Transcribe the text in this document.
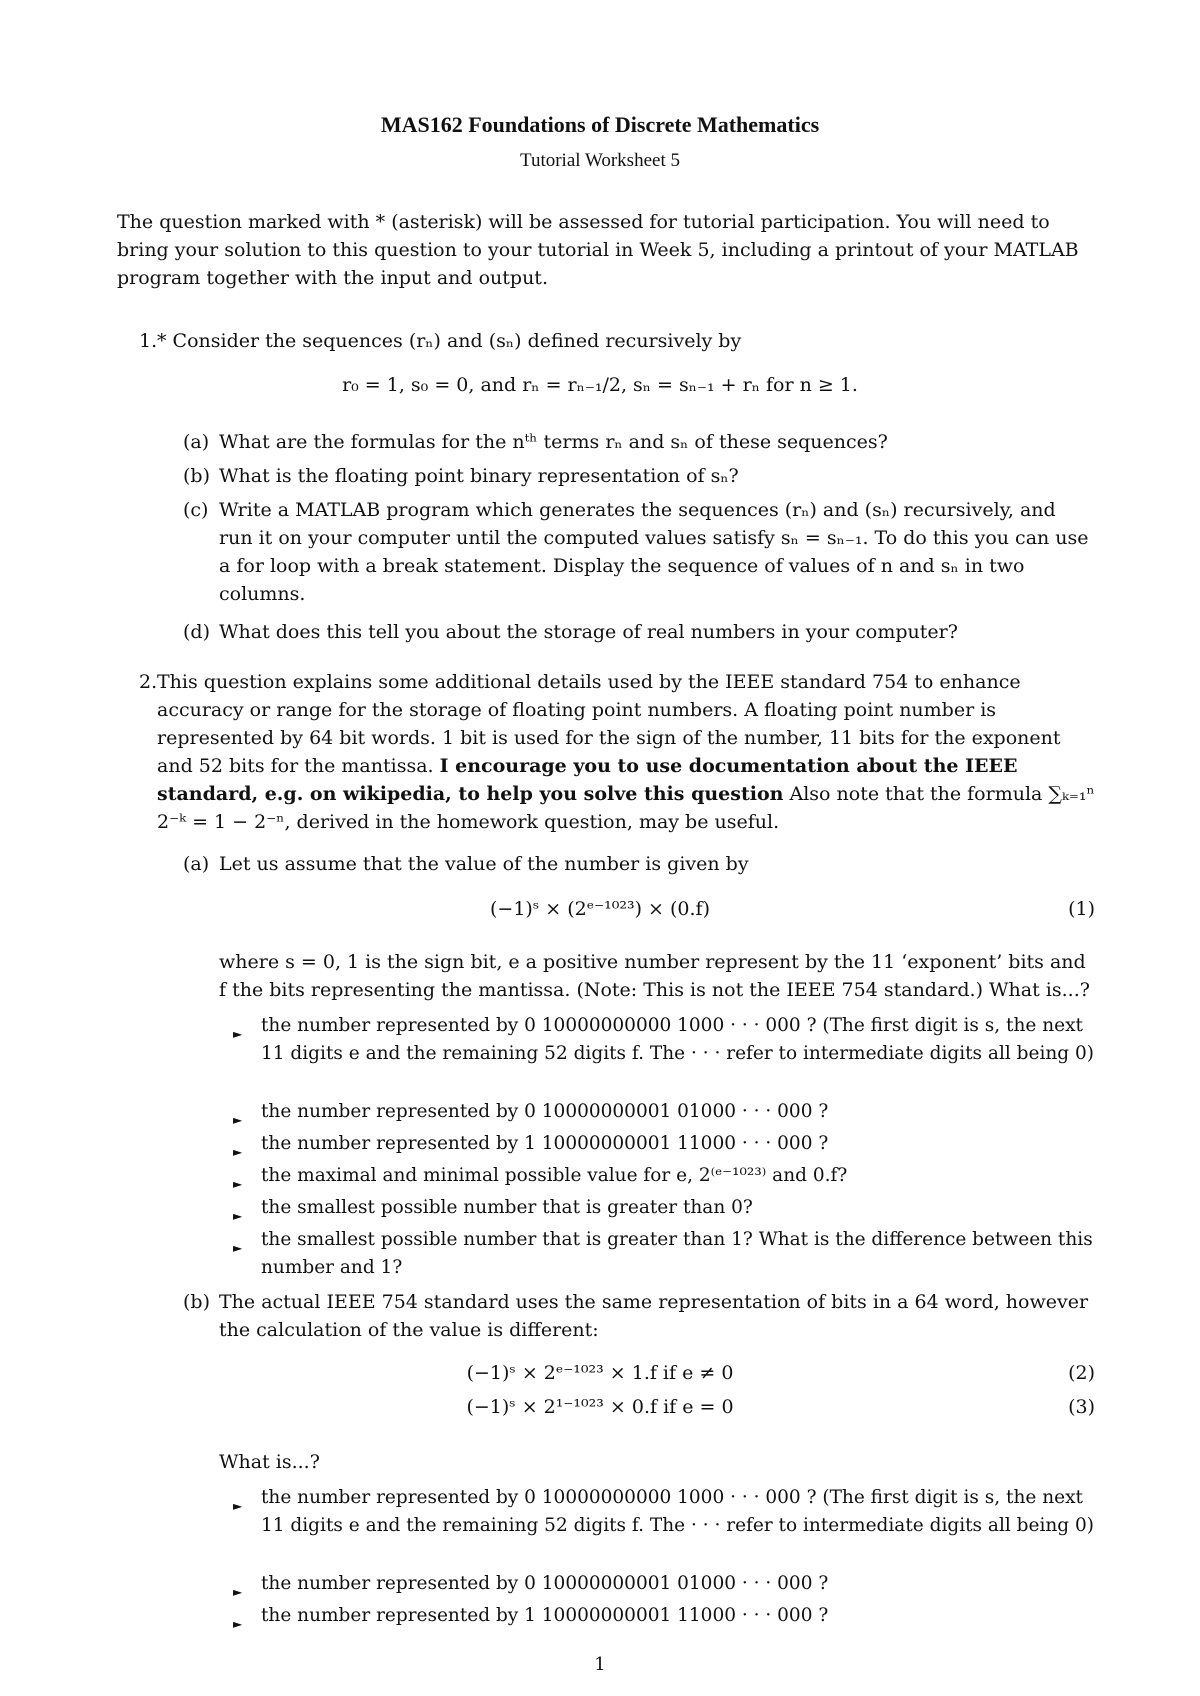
MAS162 Foundations of Discrete Mathematics
Tutorial Worksheet 5
The question marked with * (asterisk) will be assessed for tutorial participation. You will need to bring your solution to this question to your tutorial in Week 5, including a printout of your MATLAB program together with the input and output.
1. * Consider the sequences (rₙ) and (sₙ) defined recursively by
r₀ = 1, s₀ = 0, and rₙ = rₙ₋₁/2, sₙ = sₙ₋₁ + rₙ for n ≥ 1.
(a) What are the formulas for the nᵗʰ terms rₙ and sₙ of these sequences?
(b) What is the floating point binary representation of sₙ?
(c) Write a MATLAB program which generates the sequences (rₙ) and (sₙ) recursively, and run it on your computer until the computed values satisfy sₙ = sₙ₋₁. To do this you can use a for loop with a break statement. Display the sequence of values of n and sₙ in two columns.
(d) What does this tell you about the storage of real numbers in your computer?
2. This question explains some additional details used by the IEEE standard 754 to enhance accuracy or range for the storage of floating point numbers. A floating point number is represented by 64 bit words. 1 bit is used for the sign of the number, 11 bits for the exponent and 52 bits for the mantissa. I encourage you to use documentation about the IEEE standard, e.g. on wikipedia, to help you solve this question Also note that the formula ∑ₖ₌₁ⁿ 2⁻ᵏ = 1 − 2⁻ⁿ, derived in the homework question, may be useful.
(a) Let us assume that the value of the number is given by
(−1)ˢ × (2ᵉ⁻¹⁰²³) × (0.f)	(1)
where s = 0, 1 is the sign bit, e a positive number represent by the 11 ‘exponent’ bits and f the bits representing the mantissa. (Note: This is not the IEEE 754 standard.) What is...?
► the number represented by 0 10000000000 1000 · · · 000 ? (The first digit is s, the next 11 digits e and the remaining 52 digits f. The · · · refer to intermediate digits all being 0)
► the number represented by 0 10000000001 01000 · · · 000 ?
► the number represented by 1 10000000001 11000 · · · 000 ?
► the maximal and minimal possible value for e, 2⁽ᵉ⁻¹⁰²³⁾ and 0.f?
► the smallest possible number that is greater than 0?
► the smallest possible number that is greater than 1? What is the difference between this number and 1?
(b) The actual IEEE 754 standard uses the same representation of bits in a 64 word, however the calculation of the value is different:
(−1)ˢ × 2ᵉ⁻¹⁰²³ × 1.f if e ≠ 0	(2)
(−1)ˢ × 2¹⁻¹⁰²³ × 0.f if e = 0	(3)
What is...?
► the number represented by 0 10000000000 1000 · · · 000 ? (The first digit is s, the next 11 digits e and the remaining 52 digits f. The · · · refer to intermediate digits all being 0)
► the number represented by 0 10000000001 01000 · · · 000 ?
► the number represented by 1 10000000001 11000 · · · 000 ?
1
